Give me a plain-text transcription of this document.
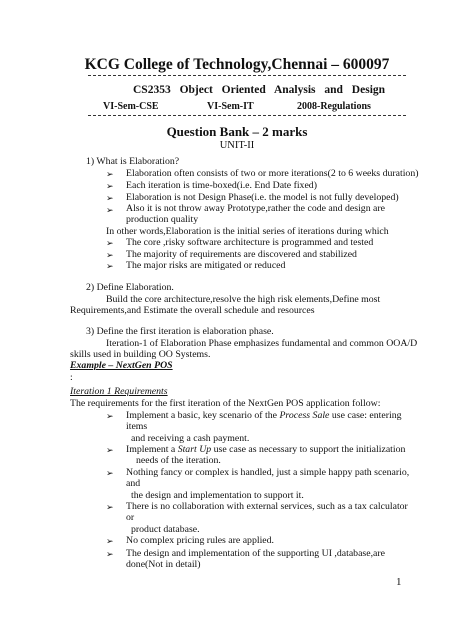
KCG College of Technology,Chennai – 600097
CS2353 Object Oriented Analysis and Design
VI-Sem-CSE	VI-Sem-IT	2008-Regulations
Question Bank – 2 marks
UNIT-II
1) What is Elaboration?
➢ Elaboration often consists of two or more iterations(2 to 6 weeks duration)
➢ Each iteration is time-boxed(i.e. End Date fixed)
➢ Elaboration is not Design Phase(i.e. the model is not fully developed)
➢ Also it is not throw away Prototype,rather the code and design are
production quality
In other words,Elaboration is the initial series of iterations during which
➢ The core ,risky software architecture is programmed and tested
➢ The majority of requirements are discovered and stabilized
➢ The major risks are mitigated or reduced
2) Define Elaboration.
Build the core architecture,resolve the high risk elements,Define most
Requirements,and Estimate the overall schedule and resources
3) Define the first iteration is elaboration phase.
Iteration-1 of Elaboration Phase emphasizes fundamental and common OOA/D
skills used in building OO Systems.
Example – NextGen POS
:
Iteration 1 Requirements
The requirements for the first iteration of the NextGen POS application follow:
➢ Implement a basic, key scenario of the Process Sale use case: entering
items
and receiving a cash payment.
➢ Implement a Start Up use case as necessary to support the initialization
needs of the iteration.
➢ Nothing fancy or complex is handled, just a simple happy path scenario,
and
the design and implementation to support it.
➢ There is no collaboration with external services, such as a tax calculator
or
product database.
➢ No complex pricing rules are applied.
➢ The design and implementation of the supporting UI ,database,are
done(Not in detail)
1
